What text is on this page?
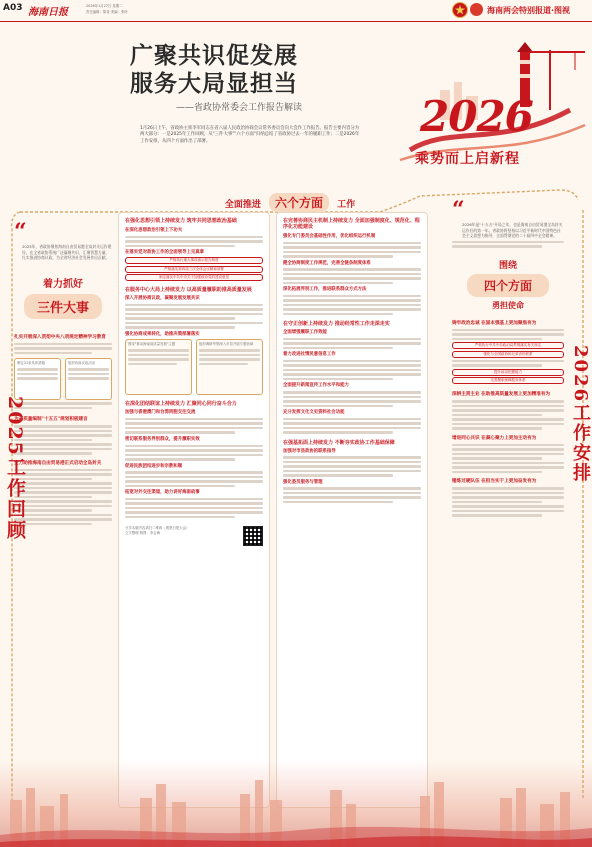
A03 海南日报
2026年1月27日 星期二
责任编辑：陈奇 美编：张昕	海南两会特别报道·图视
广聚共识促发展
服务大局显担当
——省政协常委会工作报告解读
1月26日上午，省政协主席李军同志在省八届人民政治协商会议常务委员会向大会作工作报告。报告主要内容分为两大部分：一是2025年工作回顾，从"三件大事""六个方面"归纳总结了省政协过去一年的履职工作；二是2026年工作安排，从四个方面作出了部署。
2026
乘势而上启新程
“
2025年，省政协聚焦海南自由贸易港全岛封关运作建设，在全省政协系统广泛凝聚共识，汇聚智慧力量，扎实推进协商议政，为全省经济社会发展作出贡献。
着力抓好
三件大事
扎实开展深入贯彻中央八项规定精神学习教育
制定31条具体措施	组织协商议政活动
为高质量编制"十五五"规划积极建言
全力助推海南自由贸易港正式启动全岛封关
2025工作回顾
全面推进 六个方面 工作
在强化思想引领上持续发力 筑牢共同思想政治基础
在深化思想政治引领上下功夫
在落实党对政协工作的全面领导上见真章
严格执行重大事项请示报告制度
严格落实第四届三次全体会议精神部署
制定落实中共中央关于加强政协党的建设意见
在服务中心大局上持续发力 以高质量履职助推高质量发展
深入开展协商议政，凝聚发展发展共识
强化协商成果转化，助推决策部署落实
围绕"推动海南高质量发展"主题	组织调研考察深入市县开展专题协商
在深化团结联谊上持续发力 汇聚同心同行奋斗合力
加强与香港澳门和台湾同胞交往交流
密切联系服务界别群众，提升履职实效
促进民族团结进步和宗教和顺
拓宽对外交往渠道，助力讲好海南故事
分享本版内容请扫二维码（观察日报大众）
文字整理 制图：李志海
在完善协商民主机制上持续发力 全面加强制度化、规范化、程序化功能建设
强化专门委员会基础性作用，优化组织运行机制
健全协商制度工作规范，完善全链条制度体系
深化拓展界别工作，推进联系群众方式方法
在守正创新上持续发力 推动经常性工作走深走实
全面增强履职工作效能
着力改进社情民意信息工作
全面提升新闻宣传工作水平和能力
充分发挥文化文史资料社会功能
在强基拓面上持续发力 不断夯实政协工作基础保障
加强对市县政协的联系指导
强化委员服务与管理
“
2026年是"十五五"开局之年，也是海南自由贸易港全岛封关运作后的第一年。省政协将坚持以习近平新时代中国特色社会主义思想为指导，全面贯彻党的二十届四中全会精神。
围绕
四个方面
勇担使命
铸牢政治忠诚 在固本强基上更加聚焦有为
严格执行中共中央政治局贯彻落实有关规定
强化与全国政协和兄弟省份联系
提升政治把握能力
完善履职保障服务体系
深耕主责主业 在助推高质量发展上更加精准有为
增进同心共识 在凝心聚力上更加主动有为
锤炼过硬队伍 在担当实干上更加奋发有为	2026工作安排
